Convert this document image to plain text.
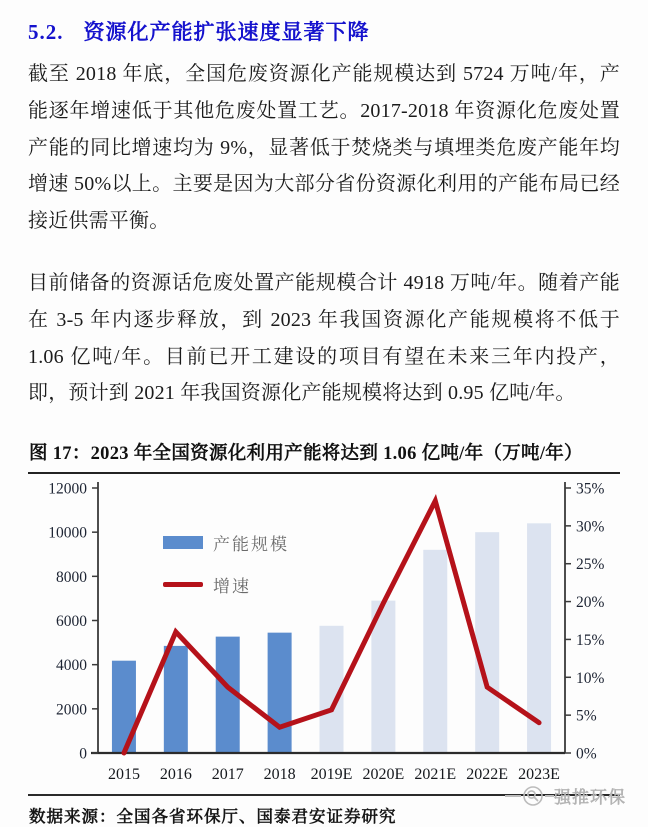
5.2. 资源化产能扩张速度显著下降

截至 2018 年底，全国危废资源化产能规模达到 5724 万吨/年，产能逐年增速低于其他危废处置工艺。2017-2018 年资源化危废处置产能的同比增速均为 9%，显著低于焚烧类与填埋类危废产能年均增速 50%以上。主要是因为大部分省份资源化利用的产能布局已经接近供需平衡。

目前储备的资源话危废处置产能规模合计 4918 万吨/年。随着产能在 3-5 年内逐步释放，到 2023 年我国资源化产能规模将不低于 1.06 亿吨/年。目前已开工建设的项目有望在未来三年内投产，即，预计到 2021 年我国资源化产能规模将达到 0.95 亿吨/年。

图 17：2023 年全国资源化利用产能将达到 1.06 亿吨/年（万吨/年）
0
2000
4000
6000
8000
10000
12000
0%
5%
10%
15%
20%
25%
30%
35%
2015 2016 2017 2018 2019E 2020E 2021E 2022E 2023E
产能规模
增速
数据来源：全国各省环保厅、国泰君安证券研究
强推环保
